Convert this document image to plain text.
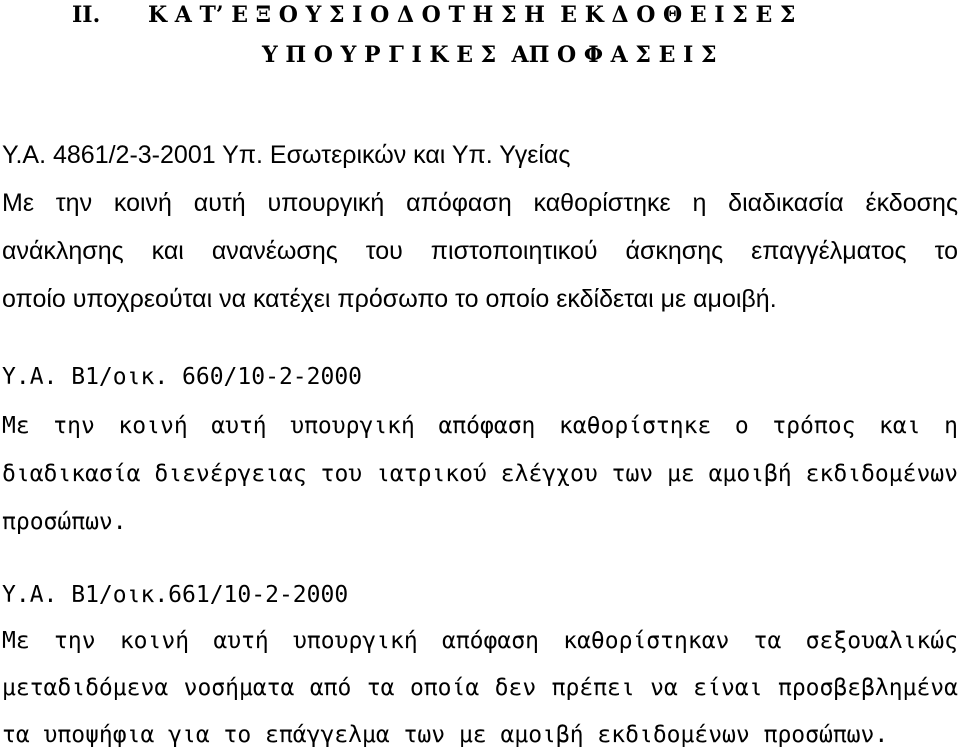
ΙΙ. Κ Α Τ’ Ε Ξ Ο Υ Σ Ι Ο Δ Ο Τ Η Σ Η  Ε Κ Δ Ο Θ Ε Ι Σ Ε Σ
Υ Π Ο Υ Ρ Γ Ι Κ Ε Σ  ΑΠ Ο Φ Α Σ Ε Ι Σ
Υ.Α. 4861/2-3-2001 Υπ. Εσωτερικών και Υπ. Υγείας
Με την κοινή αυτή υπουργική απόφαση καθορίστηκε η διαδικασία έκδοσης
ανάκλησης και ανανέωσης του πιστοποιητικού άσκησης επαγγέλματος το
οποίο υποχρεούται να κατέχει πρόσωπο το οποίο εκδίδεται με αμοιβή.
Υ.Α. Β1/οικ. 660/10-2-2000
Με την κοινή αυτή υπουργική απόφαση καθορίστηκε ο τρόπος και η
διαδικασία διενέργειας του ιατρικού ελέγχου των με αμοιβή εκδιδομένων
προσώπων.
Υ.Α. Β1/οικ.661/10-2-2000
Με την κοινή αυτή υπουργική απόφαση καθορίστηκαν τα σεξουαλικώς
μεταδιδόμενα νοσήματα από τα οποία δεν πρέπει να είναι προσβεβλημένα
τα υποψήφια για το επάγγελμα των με αμοιβή εκδιδομένων προσώπων.
